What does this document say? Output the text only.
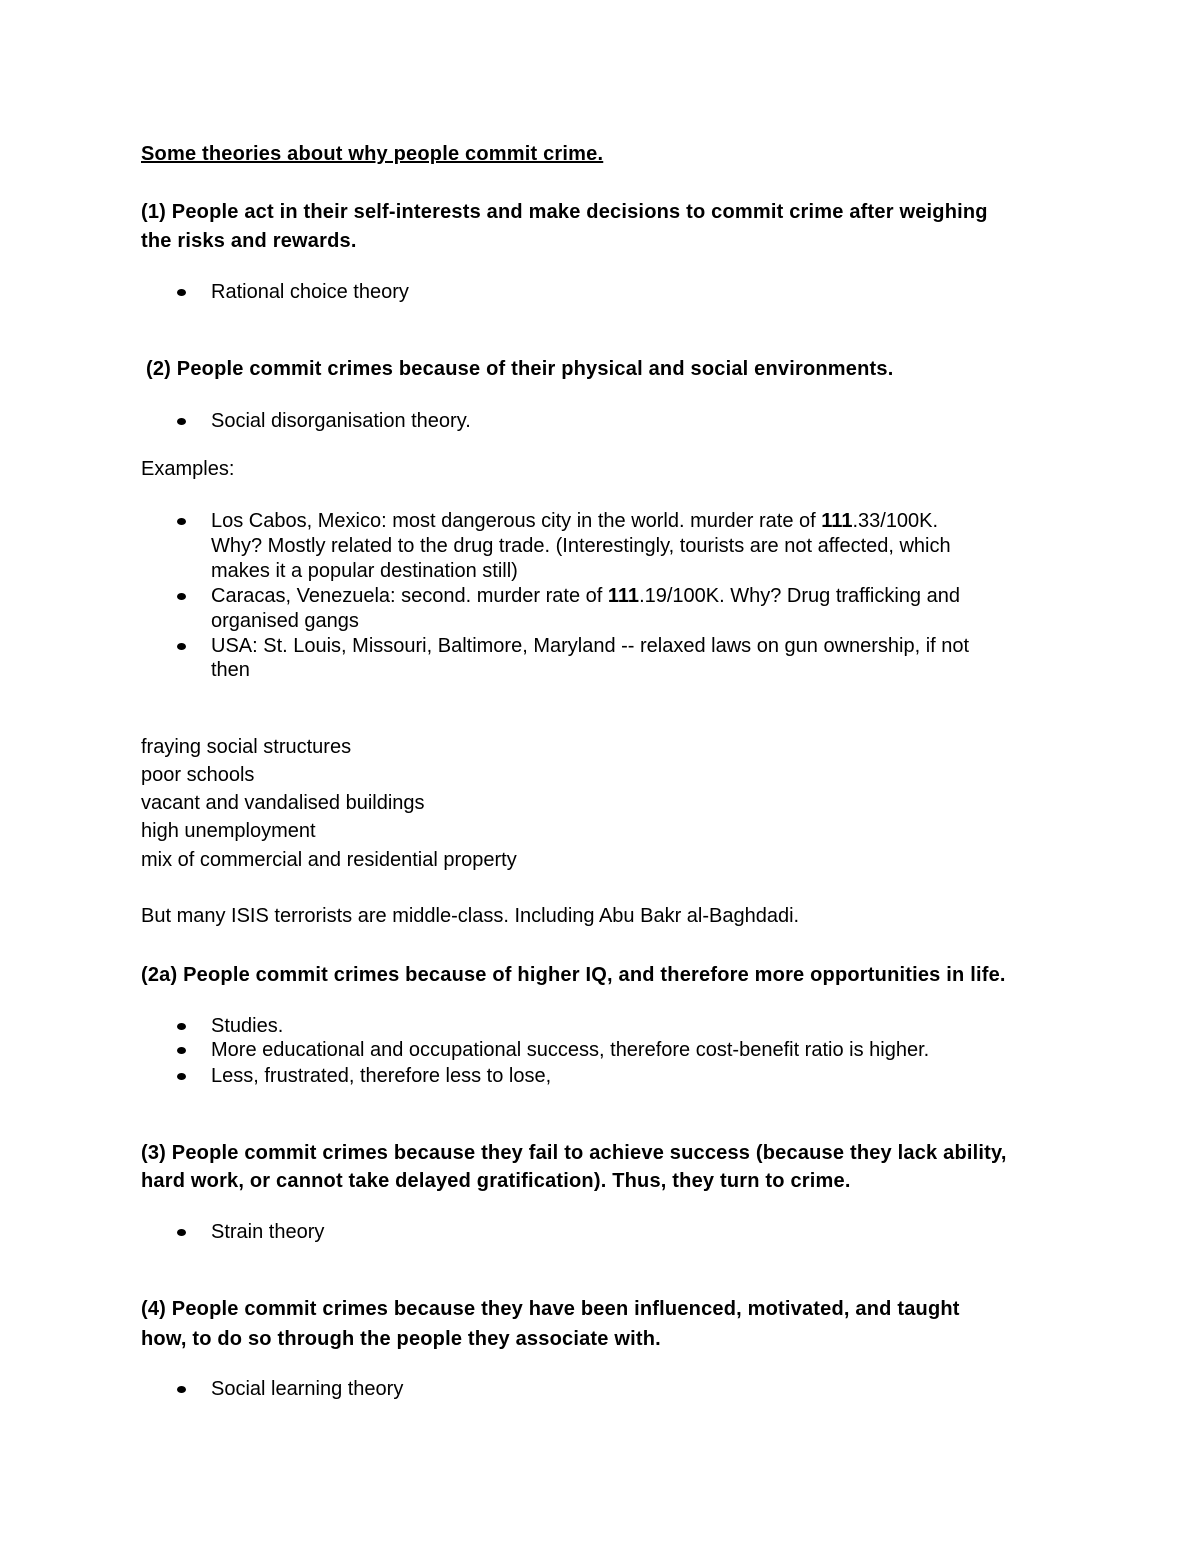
Some theories about why people commit crime.
(1) People act in their self-interests and make decisions to commit crime after weighing
the risks and rewards.
Rational choice theory
(2) People commit crimes because of their physical and social environments.
Social disorganisation theory.
Examples:
Los Cabos, Mexico: most dangerous city in the world. murder rate of 111.33/100K.
Why? Mostly related to the drug trade. (Interestingly, tourists are not affected, which
makes it a popular destination still)
Caracas, Venezuela: second. murder rate of 111.19/100K. Why? Drug trafficking and
organised gangs
USA: St. Louis, Missouri, Baltimore, Maryland -- relaxed laws on gun ownership, if not
then
fraying social structures
poor schools
vacant and vandalised buildings
high unemployment
mix of commercial and residential property
But many ISIS terrorists are middle-class. Including Abu Bakr al-Baghdadi.
(2a) People commit crimes because of higher IQ, and therefore more opportunities in life.
Studies.
More educational and occupational success, therefore cost-benefit ratio is higher.
Less, frustrated, therefore less to lose,
(3) People commit crimes because they fail to achieve success (because they lack ability,
hard work, or cannot take delayed gratification). Thus, they turn to crime.
Strain theory
(4) People commit crimes because they have been influenced, motivated, and taught
how, to do so through the people they associate with.
Social learning theory
